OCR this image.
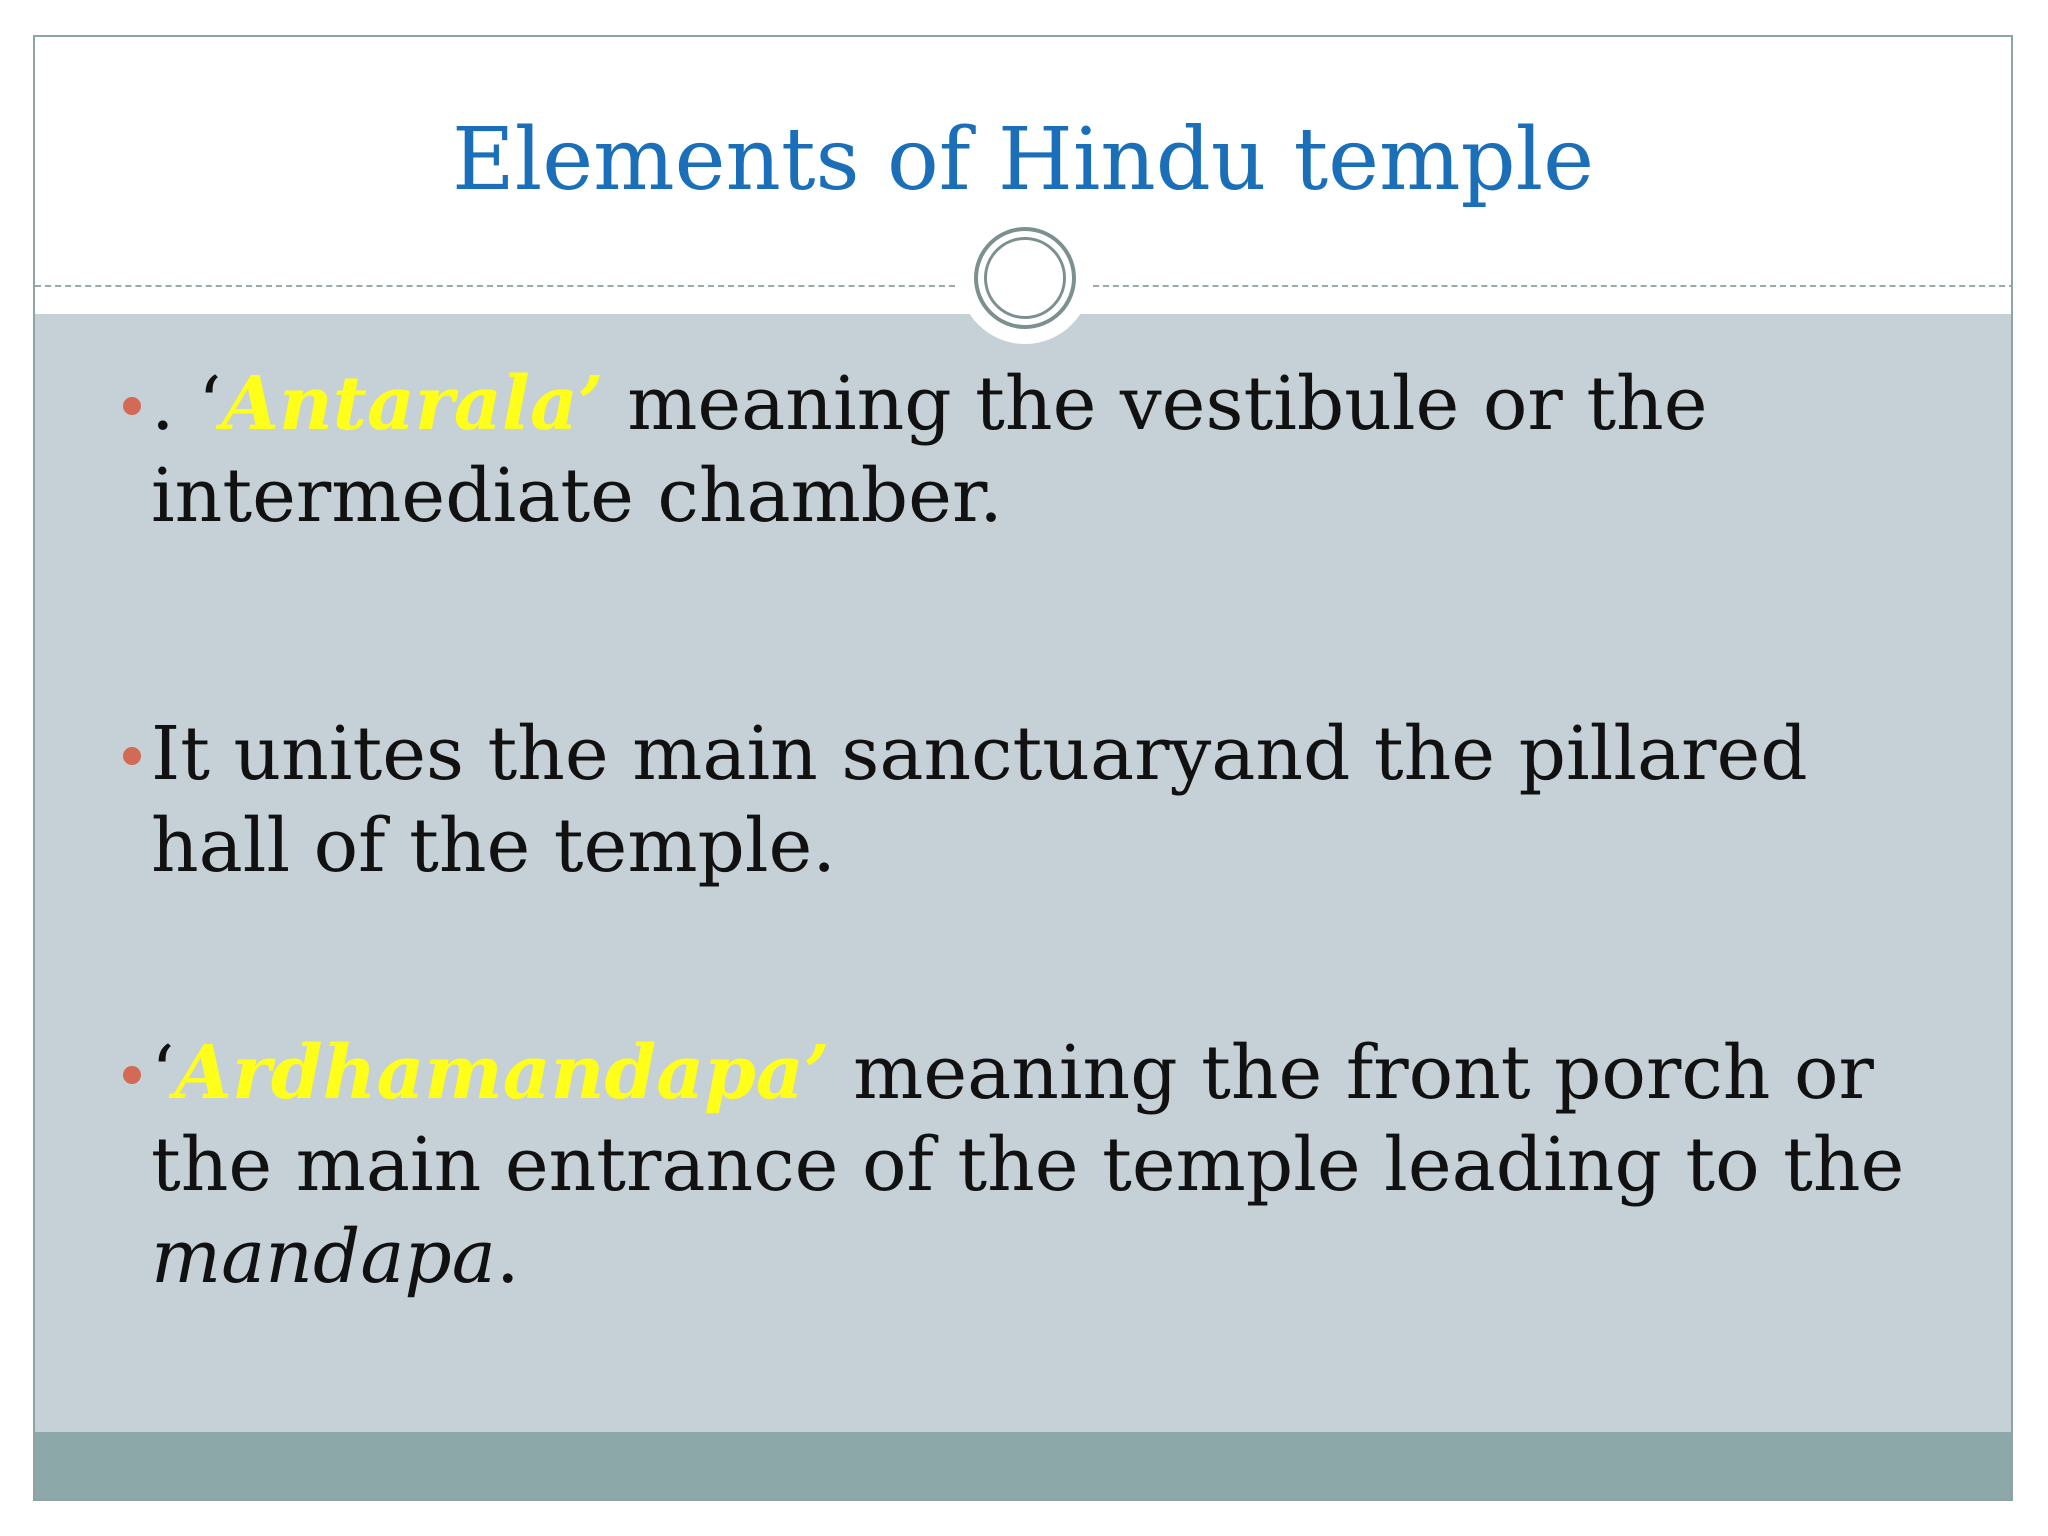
Elements of Hindu temple
. ‘Antarala’ meaning the vestibule or the intermediate chamber.
It unites the main sanctuaryand the pillared hall of the temple.
‘Ardhamandapa’ meaning the front porch or the main entrance of the temple leading to the mandapa.
